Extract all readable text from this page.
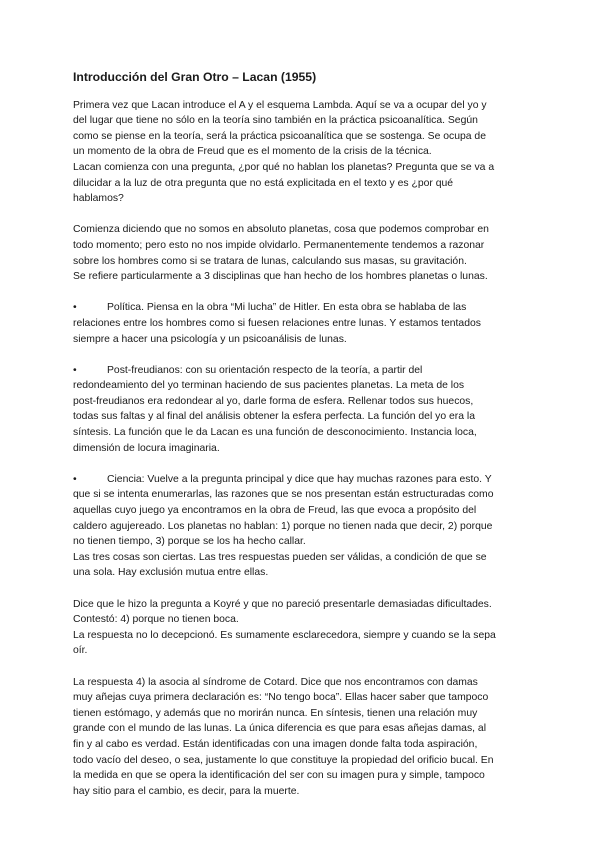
Introducción del Gran Otro – Lacan (1955)
Primera vez que Lacan introduce el A y el esquema Lambda. Aquí se va a ocupar del yo y
del lugar que tiene no sólo en la teoría sino también en la práctica psicoanalítica. Según
como se piense en la teoría, será la práctica psicoanalítica que se sostenga. Se ocupa de
un momento de la obra de Freud que es el momento de la crisis de la técnica.
Lacan comienza con una pregunta, ¿por qué no hablan los planetas? Pregunta que se va a
dilucidar a la luz de otra pregunta que no está explicitada en el texto y es ¿por qué
hablamos?
Comienza diciendo que no somos en absoluto planetas, cosa que podemos comprobar en
todo momento; pero esto no nos impide olvidarlo. Permanentemente tendemos a razonar
sobre los hombres como si se tratara de lunas, calculando sus masas, su gravitación.
Se refiere particularmente a 3 disciplinas que han hecho de los hombres planetas o lunas.
•	Política. Piensa en la obra “Mi lucha” de Hitler. En esta obra se hablaba de las
relaciones entre los hombres como si fuesen relaciones entre lunas. Y estamos tentados
siempre a hacer una psicología y un psicoanálisis de lunas.
•	Post-freudianos: con su orientación respecto de la teoría, a partir del
redondeamiento del yo terminan haciendo de sus pacientes planetas. La meta de los
post-freudianos era redondear al yo, darle forma de esfera. Rellenar todos sus huecos,
todas sus faltas y al final del análisis obtener la esfera perfecta. La función del yo era la
síntesis. La función que le da Lacan es una función de desconocimiento. Instancia loca,
dimensión de locura imaginaria.
•	Ciencia: Vuelve a la pregunta principal y dice que hay muchas razones para esto. Y
que si se intenta enumerarlas, las razones que se nos presentan están estructuradas como
aquellas cuyo juego ya encontramos en la obra de Freud, las que evoca a propósito del
caldero agujereado. Los planetas no hablan: 1) porque no tienen nada que decir, 2) porque
no tienen tiempo, 3) porque se los ha hecho callar.
Las tres cosas son ciertas. Las tres respuestas pueden ser válidas, a condición de que se
una sola. Hay exclusión mutua entre ellas.
Dice que le hizo la pregunta a Koyré y que no pareció presentarle demasiadas dificultades.
Contestó: 4) porque no tienen boca.
La respuesta no lo decepcionó. Es sumamente esclarecedora, siempre y cuando se la sepa
oír.
La respuesta 4) la asocia al síndrome de Cotard. Dice que nos encontramos con damas
muy añejas cuya primera declaración es: “No tengo boca”. Ellas hacer saber que tampoco
tienen estómago, y además que no morirán nunca. En síntesis, tienen una relación muy
grande con el mundo de las lunas. La única diferencia es que para esas añejas damas, al
fin y al cabo es verdad. Están identificadas con una imagen donde falta toda aspiración,
todo vacío del deseo, o sea, justamente lo que constituye la propiedad del orificio bucal. En
la medida en que se opera la identificación del ser con su imagen pura y simple, tampoco
hay sitio para el cambio, es decir, para la muerte.
